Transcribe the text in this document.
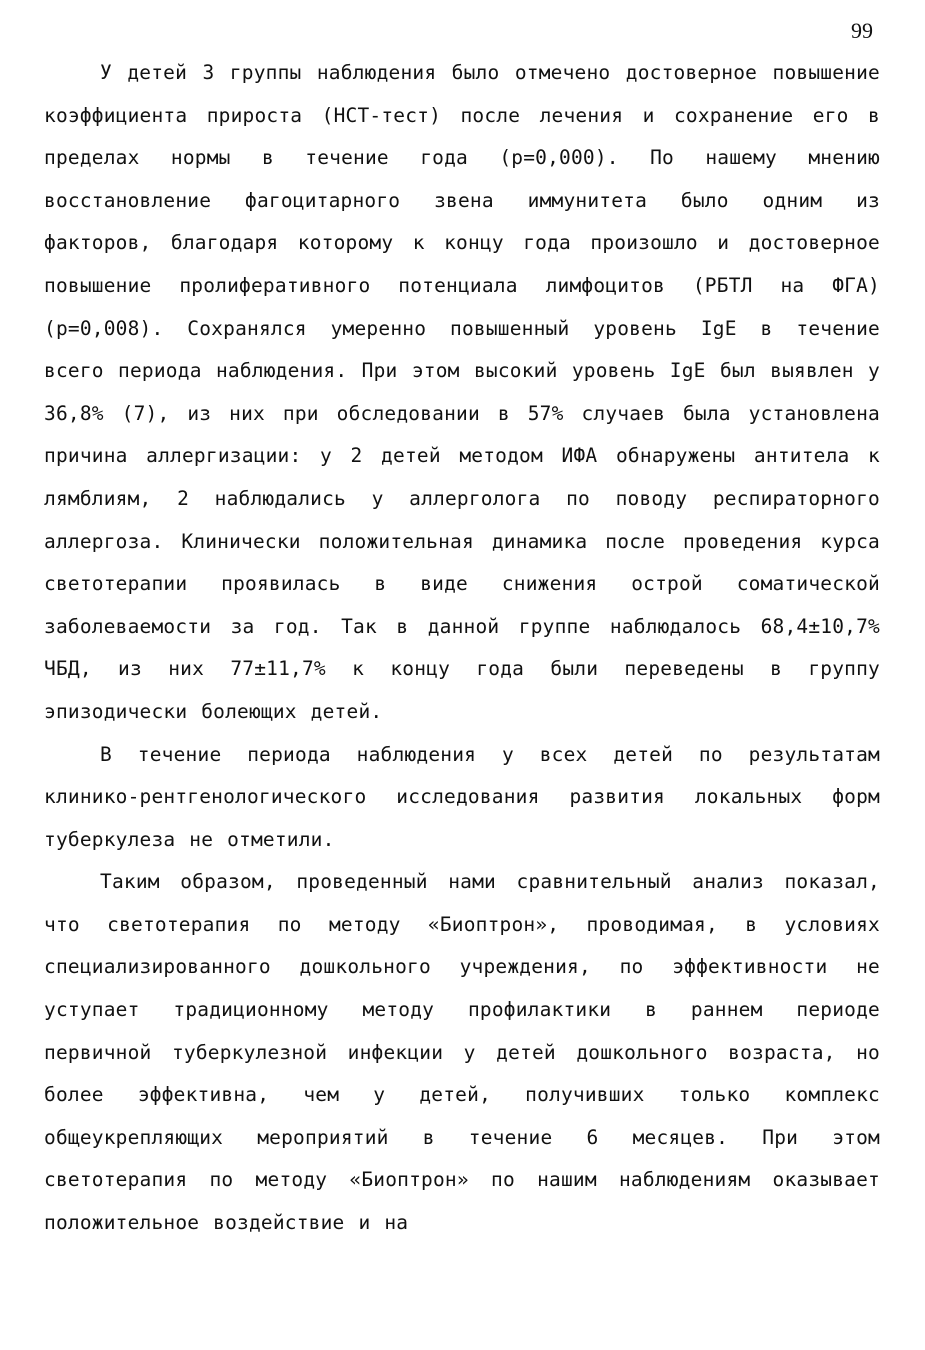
99

У детей 3 группы наблюдения было отмечено достоверное повышение коэффициента прироста (НСТ-тест) после лечения и сохранение его в пределах нормы в течение года (р=0,000). По нашему мнению восстановление фагоцитарного звена иммунитета было одним из факторов, благодаря которому к концу года произошло и достоверное повышение пролиферативного потенциала лимфоцитов (РБТЛ на ФГА) (р=0,008). Сохранялся умеренно повышенный уровень IgE в течение всего периода наблюдения. При этом высокий уровень IgE был выявлен у 36,8% (7), из них при обследовании в 57% случаев была установлена причина аллергизации: у 2 детей методом ИФА обнаружены антитела к лямблиям, 2 наблюдались у аллерголога по поводу респираторного аллергоза. Клинически положительная динамика после проведения курса светотерапии проявилась в виде снижения острой соматической заболеваемости за год. Так в данной группе наблюдалось 68,4±10,7% ЧБД, из них 77±11,7% к концу года были переведены в группу эпизодически болеющих детей.

В течение периода наблюдения у всех детей по результатам клинико-рентгенологического исследования развития локальных форм туберкулеза не отметили.

Таким образом, проведенный нами сравнительный анализ показал, что светотерапия по методу «Биоптрон», проводимая, в условиях специализированного дошкольного учреждения, по эффективности не уступает традиционному методу профилактики в раннем периоде первичной туберкулезной инфекции у детей дошкольного возраста, но более эффективна, чем у детей, получивших только комплекс общеукрепляющих мероприятий в течение 6 месяцев. При этом светотерапия по методу «Биоптрон» по нашим наблюдениям оказывает положительное воздействие и на
